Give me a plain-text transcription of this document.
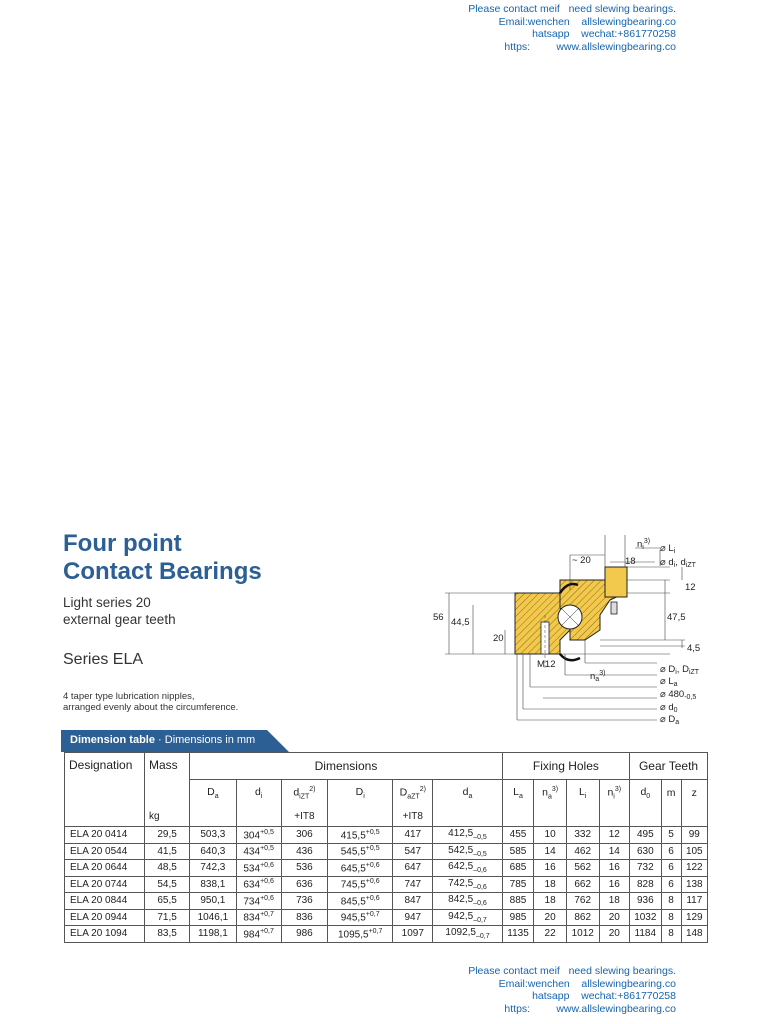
Please contact meif   need slewing bearings.
Email:wenchen    allslewingbearing.co
hatsapp    wechat:+861770258
https:         www.allslewingbearing.co
Four point
Contact Bearings
Light series 20
external gear teeth
Series ELA
4 taper type lubrication nipples,
arranged evenly about the circumference.
56 44,5
20
~ 20	18
12
47,5
4,5
M12
$n_i^{3)}$
$n_a^{3)}$
⌀ $L_i$
⌀ $d_i$, $d_{iZT}$
⌀ $D_i$, $D_{iZT}$
⌀ $L_a$
⌀ $480_{-0,5}$
⌀ $d_0$
⌀ $D_a$
Dimension table · Dimensions in mm
Designation	Mass	Dimensions						Fixing Holes				Gear Teeth		
		$D_a$	$d_i$	$d_{iZT}^{2)}$	$D_i$	$D_{aZT}^{2)}$	$d_a$	$L_a$	$n_a^{3)}$	$L_i$	$n_i^{3)}$	$d_0$	m	z
	kg			+IT8		+IT8								
ELA 20 0414	29,5	503,3	$304^{+0,5}$	306	$415,5^{+0,5}$	417	$412,5_{-0,5}$	455	10	332	12	495	5	99
ELA 20 0544	41,5	640,3	$434^{+0,5}$	436	$545,5^{+0,5}$	547	$542,5_{-0,5}$	585	14	462	14	630	6	105
ELA 20 0644	48,5	742,3	$534^{+0,6}$	536	$645,5^{+0,6}$	647	$642,5_{-0,6}$	685	16	562	16	732	6	122
ELA 20 0744	54,5	838,1	$634^{+0,6}$	636	$745,5^{+0,6}$	747	$742,5_{-0,6}$	785	18	662	16	828	6	138
ELA 20 0844	65,5	950,1	$734^{+0,6}$	736	$845,5^{+0,6}$	847	$842,5_{-0,6}$	885	18	762	18	936	8	117
ELA 20 0944	71,5	1046,1	$834^{+0,7}$	836	$945,5^{+0,7}$	947	$942,5_{-0,7}$	985	20	862	20	1032	8	129
ELA 20 1094	83,5	1198,1	$984^{+0,7}$	986	$1095,5^{+0,7}$	1097	$1092,5_{-0,7}$	1135	22	1012	20	1184	8	148
Please contact meif   need slewing bearings.
Email:wenchen    allslewingbearing.co
hatsapp    wechat:+861770258
https:         www.allslewingbearing.co
